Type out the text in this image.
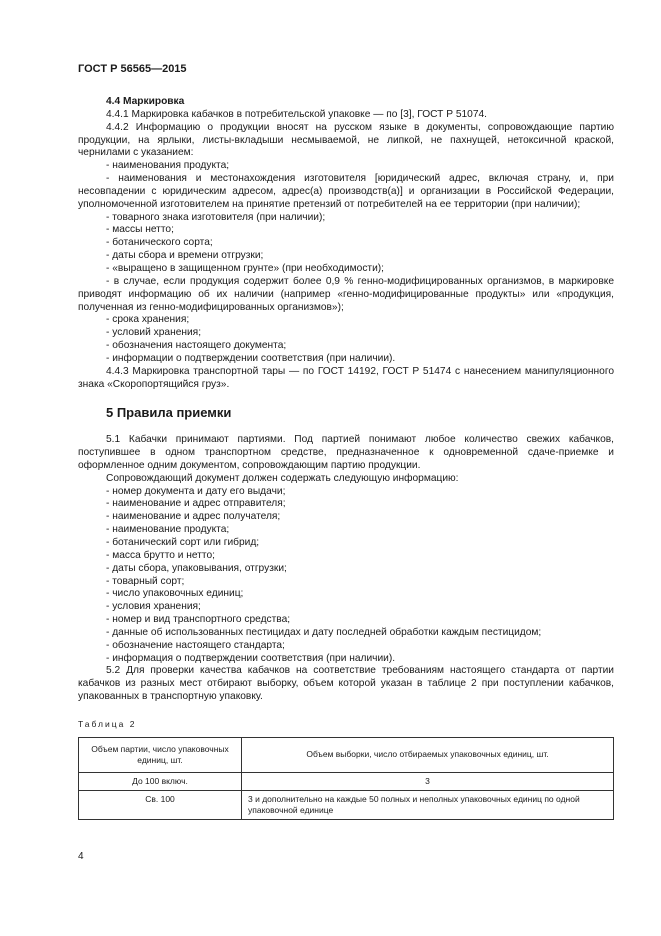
ГОСТ Р 56565—2015

4.4 Маркировка

4.4.1 Маркировка кабачков в потребительской упаковке — по [3], ГОСТ Р 51074.

4.4.2 Информацию о продукции вносят на русском языке в документы, сопровождающие партию продукции, на ярлыки, листы-вкладыши несмываемой, не липкой, не пахнущей, нетоксичной краской, чернилами с указанием:

- наименования продукта;

- наименования и местонахождения изготовителя [юридический адрес, включая страну, и, при несовпадении с юридическим адресом, адрес(а) производств(а)] и организации в Российской Федерации, уполномоченной изготовителем на принятие претензий от потребителей на ее территории (при наличии);

- товарного знака изготовителя (при наличии);

- массы нетто;

- ботанического сорта;

- даты сбора и времени отгрузки;

- «выращено в защищенном грунте» (при необходимости);

- в случае, если продукция содержит более 0,9 % генно-модифицированных организмов, в маркировке приводят информацию об их наличии (например «генно-модифицированные продукты» или «продукция, полученная из генно-модифицированных организмов»);

- срока хранения;

- условий хранения;

- обозначения настоящего документа;

- информации о подтверждении соответствия (при наличии).

4.4.3 Маркировка транспортной тары — по ГОСТ 14192, ГОСТ Р 51474 с нанесением манипуляционного знака «Скоропортящийся груз».

5 Правила приемки

5.1 Кабачки принимают партиями. Под партией понимают любое количество свежих кабачков, поступившее в одном транспортном средстве, предназначенное к одновременной сдаче-приемке и оформленное одним документом, сопровождающим партию продукции.

Сопровождающий документ должен содержать следующую информацию:

- номер документа и дату его выдачи;

- наименование и адрес отправителя;

- наименование и адрес получателя;

- наименование продукта;

- ботанический сорт или гибрид;

- масса брутто и нетто;

- даты сбора, упаковывания, отгрузки;

- товарный сорт;

- число упаковочных единиц;

- условия хранения;

- номер и вид транспортного средства;

- данные об использованных пестицидах и дату последней обработки каждым пестицидом;

- обозначение настоящего стандарта;

- информация о подтверждении соответствия (при наличии).

5.2 Для проверки качества кабачков на соответствие требованиям настоящего стандарта от партии кабачков из разных мест отбирают выборку, объем которой указан в таблице 2 при поступлении кабачков, упакованных в транспортную упаковку.

Таблица 2
Объем партии, число упаковочных единиц, шт.	Объем выборки, число отбираемых упаковочных единиц, шт.
До 100 включ.	3
Св. 100	3 и дополнительно на каждые 50 полных и неполных упаковочных единиц по одной упаковочной единице
4
